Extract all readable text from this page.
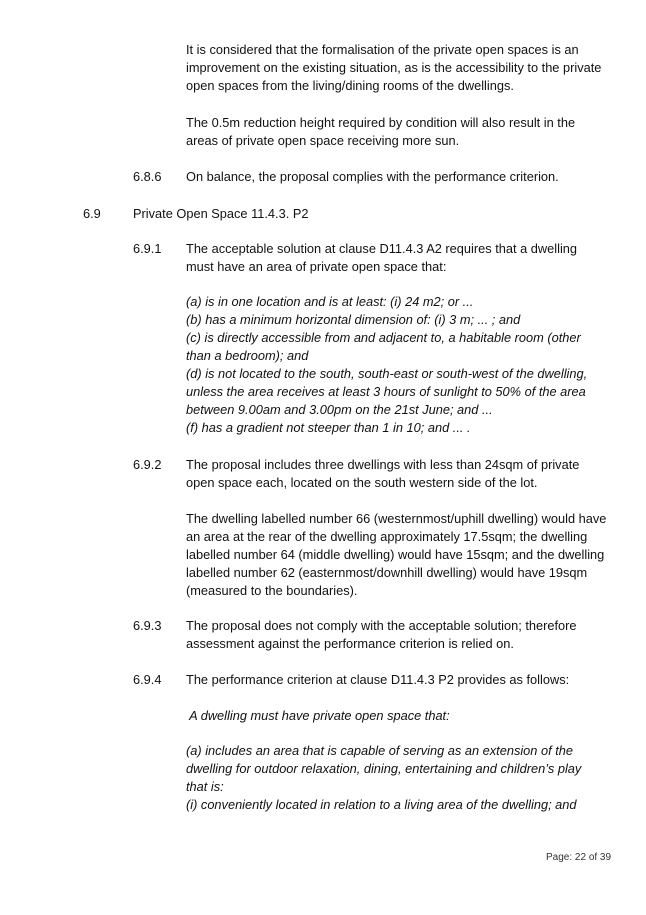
It is considered that the formalisation of the private open spaces is an
improvement on the existing situation, as is the accessibility to the private
open spaces from the living/dining rooms of the dwellings.
The 0.5m reduction height required by condition will also result in the
areas of private open space receiving more sun.
6.8.6 On balance, the proposal complies with the performance criterion.
6.9	Private Open Space 11.4.3. P2
6.9.1 The acceptable solution at clause D11.4.3 A2 requires that a dwelling
must have an area of private open space that:
(a) is in one location and is at least: (i) 24 m2; or ...
(b) has a minimum horizontal dimension of: (i) 3 m; ... ; and
(c) is directly accessible from and adjacent to, a habitable room (other
than a bedroom); and
(d) is not located to the south, south-east or south-west of the dwelling,
unless the area receives at least 3 hours of sunlight to 50% of the area
between 9.00am and 3.00pm on the 21st June; and ...
(f) has a gradient not steeper than 1 in 10; and ... .
6.9.2 The proposal includes three dwellings with less than 24sqm of private
open space each, located on the south western side of the lot.
The dwelling labelled number 66 (westernmost/uphill dwelling) would have
an area at the rear of the dwelling approximately 17.5sqm; the dwelling
labelled number 64 (middle dwelling) would have 15sqm; and the dwelling
labelled number 62 (easternmost/downhill dwelling) would have 19sqm
(measured to the boundaries).
6.9.3 The proposal does not comply with the acceptable solution; therefore
assessment against the performance criterion is relied on.
6.9.4 The performance criterion at clause D11.4.3 P2 provides as follows:
A dwelling must have private open space that:
(a) includes an area that is capable of serving as an extension of the
dwelling for outdoor relaxation, dining, entertaining and children’s play
that is:
(i) conveniently located in relation to a living area of the dwelling; and
Page: 22 of 39
